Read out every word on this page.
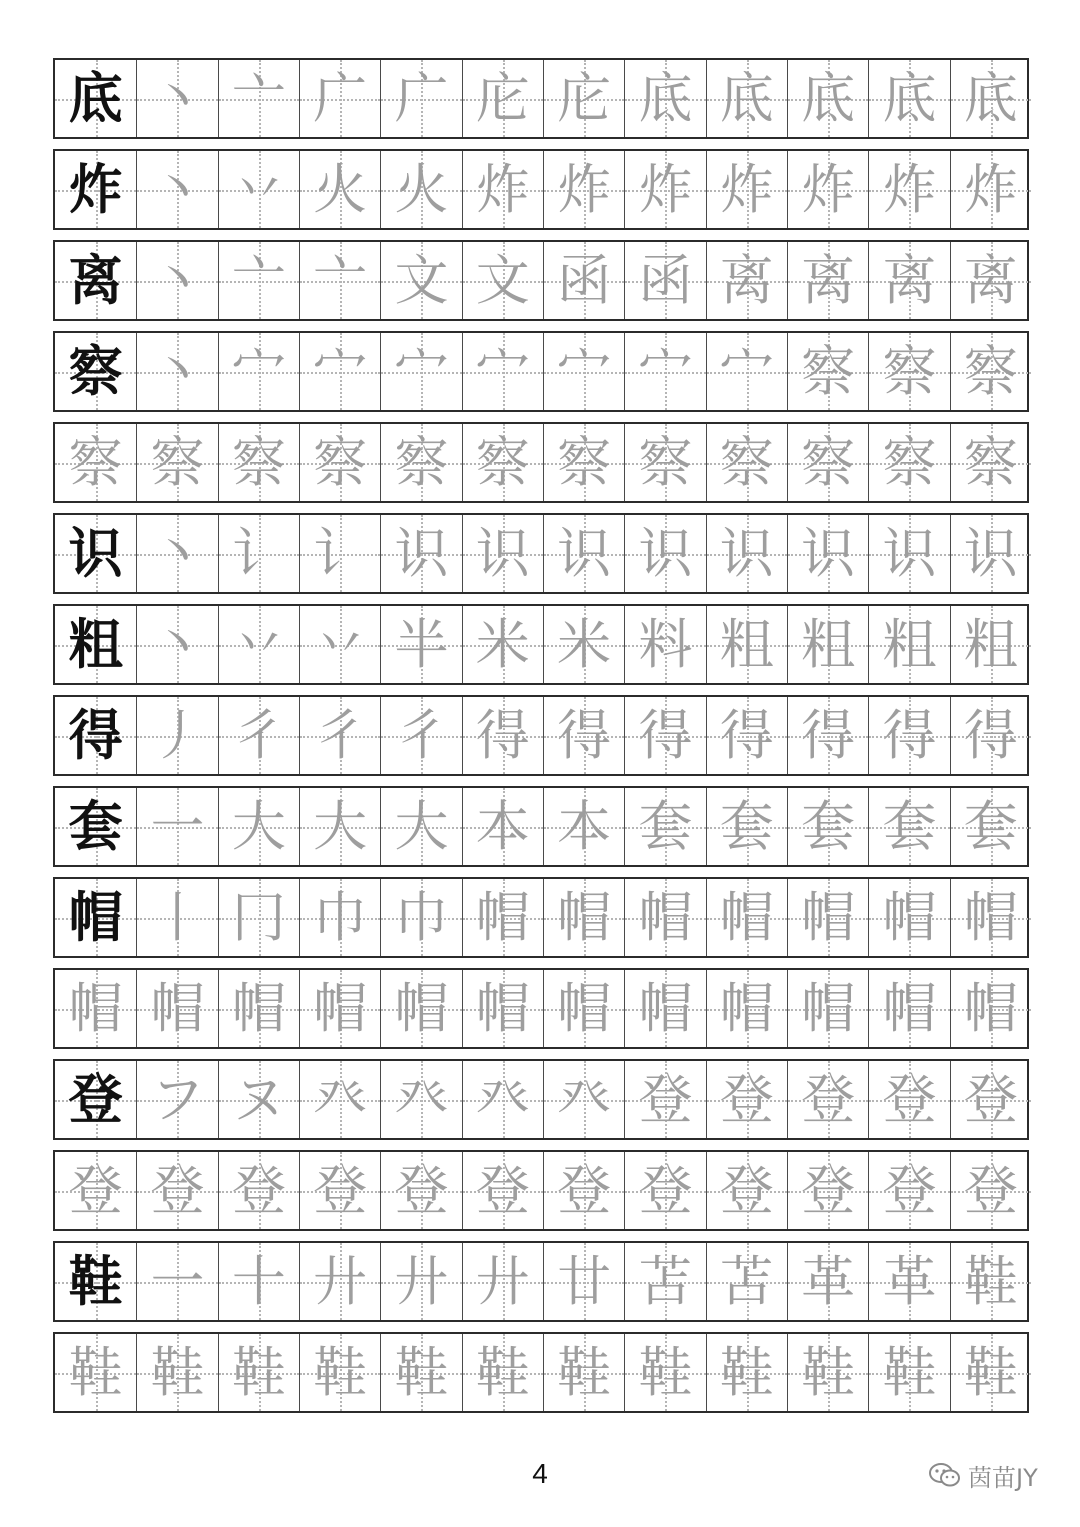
底 丶 亠 广 广 庀 庀 底 底 底 底 底
炸 丶 丷 火 火 炸 炸 炸 炸 炸 炸 炸
离 丶 亠 亠 文 文 函 函 离 离 离 离
察 丶 宀 宀 宀 宀 宀 宀 宀 察 察 察
察 察 察 察 察 察 察 察 察 察 察 察
识 丶 讠 讠 识 识 识 识 识 识 识 识
粗 丶 丷 丷 半 米 米 料 粗 粗 粗 粗
得 丿 彳 彳 彳 得 得 得 得 得 得 得
套 一 大 大 大 本 本 套 套 套 套 套
帽 丨 冂 巾 巾 帽 帽 帽 帽 帽 帽 帽
帽 帽 帽 帽 帽 帽 帽 帽 帽 帽 帽 帽
登 フ ヌ 癶 癶 癶 癶 登 登 登 登 登
登 登 登 登 登 登 登 登 登 登 登 登
鞋 一 十 廾 廾 廾 廿 苫 苫 革 革 鞋
鞋 鞋 鞋 鞋 鞋 鞋 鞋 鞋 鞋 鞋 鞋 鞋
4	茵苗JY
